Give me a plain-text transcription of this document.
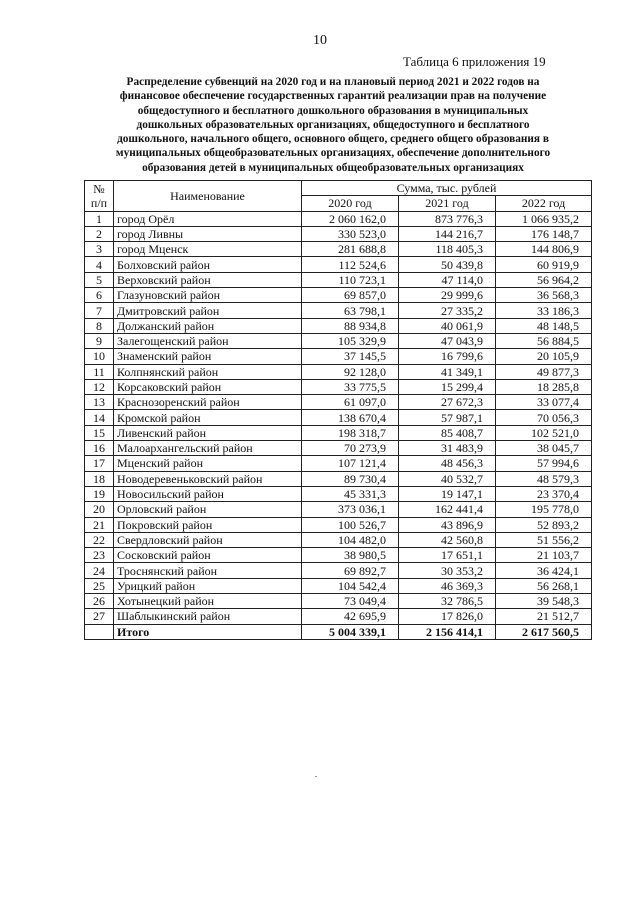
10
Таблица 6 приложения 19
Распределение субвенций на 2020 год и на плановый период 2021 и 2022 годов на
финансовое обеспечение государственных гарантий реализации прав на получение
общедоступного и бесплатного дошкольного образования в муниципальных
дошкольных образовательных организациях, общедоступного и бесплатного
дошкольного, начального общего, основного общего, среднего общего образования в
муниципальных общеобразовательных организациях, обеспечение дополнительного
образования детей в муниципальных общеобразовательных организациях
№
п/п	Наименование	Сумма, тыс. рублей		
		2020 год	2021 год	2022 год
1	город Орёл	2 060 162,0	873 776,3	1 066 935,2
2	город Ливны	330 523,0	144 216,7	176 148,7
3	город Мценск	281 688,8	118 405,3	144 806,9
4	Болховский район	112 524,6	50 439,8	60 919,9
5	Верховский район	110 723,1	47 114,0	56 964,2
6	Глазуновский район	69 857,0	29 999,6	36 568,3
7	Дмитровский район	63 798,1	27 335,2	33 186,3
8	Должанский район	88 934,8	40 061,9	48 148,5
9	Залегощенский район	105 329,9	47 043,9	56 884,5
10	Знаменский район	37 145,5	16 799,6	20 105,9
11	Колпнянский район	92 128,0	41 349,1	49 877,3
12	Корсаковский район	33 775,5	15 299,4	18 285,8
13	Краснозоренский район	61 097,0	27 672,3	33 077,4
14	Кромской район	138 670,4	57 987,1	70 056,3
15	Ливенский район	198 318,7	85 408,7	102 521,0
16	Малоархангельский район	70 273,9	31 483,9	38 045,7
17	Мценский район	107 121,4	48 456,3	57 994,6
18	Новодеревеньковский район	89 730,4	40 532,7	48 579,3
19	Новосильский район	45 331,3	19 147,1	23 370,4
20	Орловский район	373 036,1	162 441,4	195 778,0
21	Покровский район	100 526,7	43 896,9	52 893,2
22	Свердловский район	104 482,0	42 560,8	51 556,2
23	Сосковский район	38 980,5	17 651,1	21 103,7
24	Троснянский район	69 892,7	30 353,2	36 424,1
25	Урицкий район	104 542,4	46 369,3	56 268,1
26	Хотынецкий район	73 049,4	32 786,5	39 548,3
27	Шаблыкинский район	42 695,9	17 826,0	21 512,7
	Итого	5 004 339,1	2 156 414,1	2 617 560,5
